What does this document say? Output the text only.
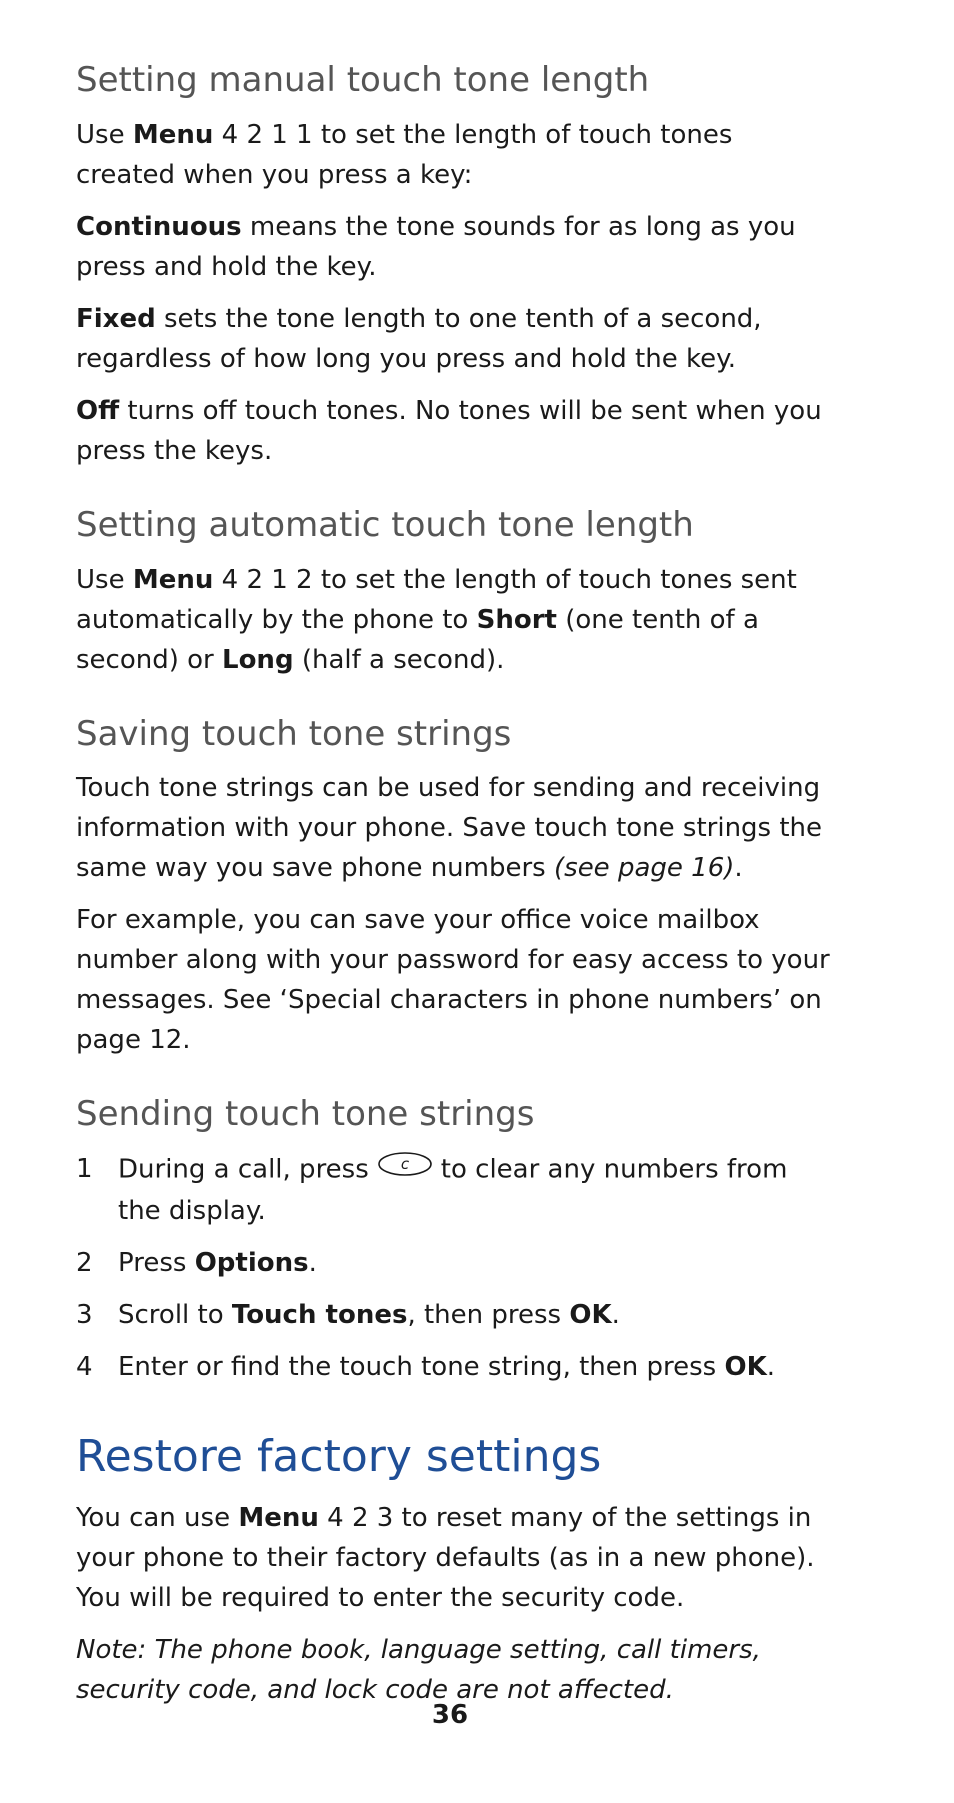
Setting manual touch tone length

Use Menu 4 2 1 1 to set the length of touch tones created when you press a key:

Continuous means the tone sounds for as long as you press and hold the key.

Fixed sets the tone length to one tenth of a second, regardless of how long you press and hold the key.

Off turns off touch tones. No tones will be sent when you press the keys.

Setting automatic touch tone length

Use Menu 4 2 1 2 to set the length of touch tones sent automatically by the phone to Short (one tenth of a second) or Long (half a second).

Saving touch tone strings

Touch tone strings can be used for sending and receiving information with your phone. Save touch tone strings the same way you save phone numbers (see page 16).

For example, you can save your office voice mailbox number along with your password for easy access to your messages. See ‘Special characters in phone numbers’ on page 12.

Sending touch tone strings
1 During a call, press c to clear any numbers from the display.
2 Press Options.
3 Scroll to Touch tones, then press OK.
4 Enter or find the touch tone string, then press OK.
Restore factory settings

You can use Menu 4 2 3 to reset many of the settings in your phone to their factory defaults (as in a new phone). You will be required to enter the security code.

Note: The phone book, language setting, call timers, security code, and lock code are not affected.

36
